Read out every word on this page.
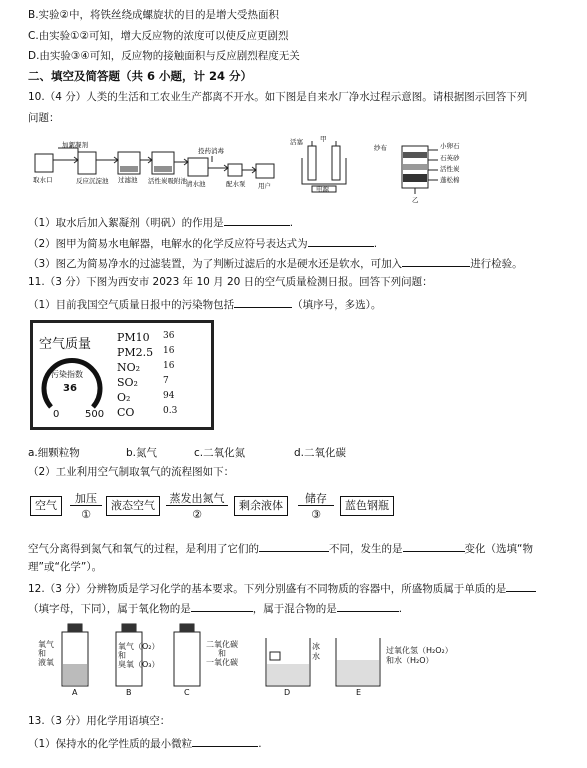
B.实验②中，将铁丝绕成螺旋状的目的是增大受热面积
C.由实验①②可知，增大反应物的浓度可以使反应更剧烈
D.由实验③④可知，反应物的接触面积与反应剧烈程度无关
二、填空及简答题（共 6 小题，计 24 分）
10.（4 分）人类的生活和工农业生产都离不开水。如下图是自来水厂净水过程示意图。请根据图示回答下列
问题：
加絮凝剂
取水口	反应沉淀池 过滤池 活性炭吸附池 清水池
投药消毒
配水泵 用户
活塞
电源
甲
纱布	小卵石
石英砂
活性炭
蓬松棉
乙
（1）取水后加入絮凝剂（明矾）的作用是	.
（2）图甲为简易水电解器，电解水的化学反应符号表达式为	.
（3）图乙为简易净水的过滤装置，为了判断过滤后的水是硬水还是软水，可加入	进行检验。
11.（3 分）下图为西安市 2023 年 10 月 20 日的空气质量检测日报。回答下列问题：
（1）目前我国空气质量日报中的污染物包括	（填序号，多选）。
空气质量
污染指数
36
0	500
PM10 36
PM2.5 16
NO₂	16
SO₂	7
O₂	94
CO	0.3
a.细颗粒物	b.氮气	c.二氧化氮	d.二氧化碳
（2）工业利用空气制取氧气的流程图如下：
空气
加压
①
液态空气
蒸发出氮气
②
剩余液体
储存
③
蓝色钢瓶
空气分离得到氮气和氧气的过程，是利用了它们的	不同，发生的是	变化（选填“物
理”或“化学”）。
12.（3 分）分辨物质是学习化学的基本要求。下列分别盛有不同物质的容器中，所盛物质属于单质的是
（填字母，下同），属于氧化物的是	，属于混合物的是	.
氧气
和
液氧
氧气（O₂）
和
臭氧（O₃）
二氧化碳
和
一氧化碳
冰
水
过氧化氢（H₂O₂）
和水（H₂O）
A	B	C	D	E
13.（3 分）用化学用语填空：
（1）保持水的化学性质的最小微粒	.
